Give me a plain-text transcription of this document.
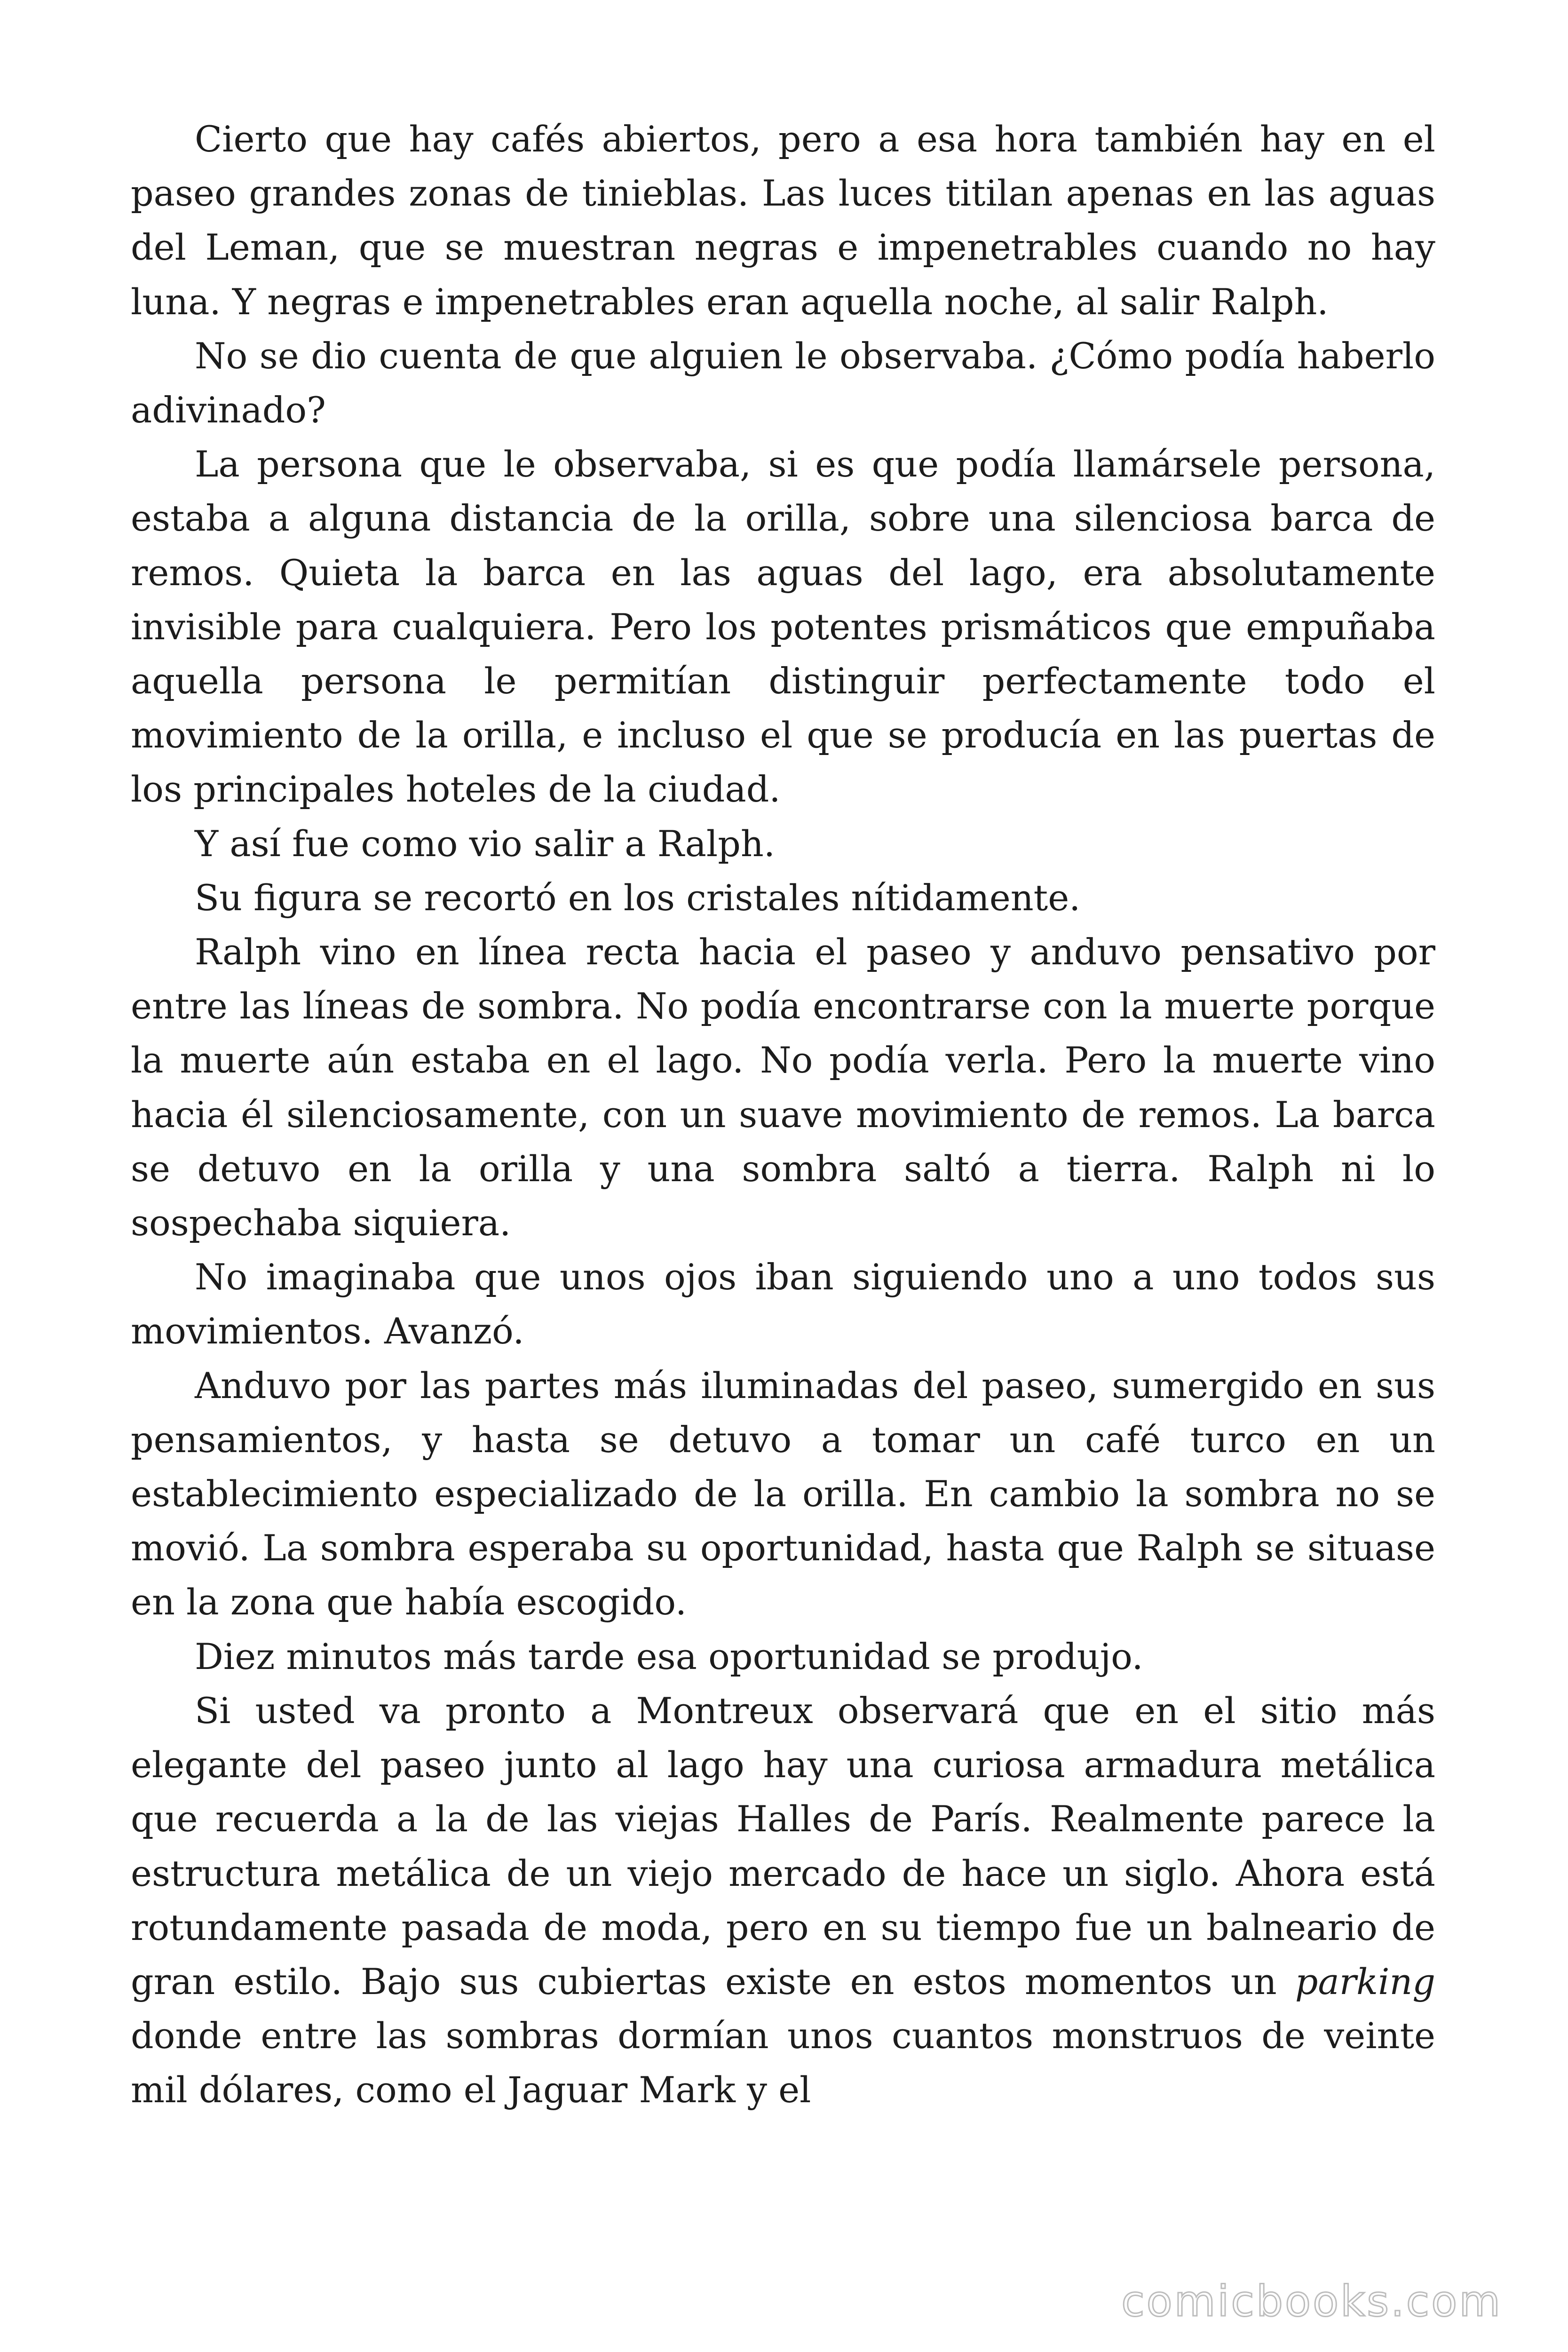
Cierto que hay cafés abiertos, pero a esa hora también hay en el paseo grandes zonas de tinieblas. Las luces titilan apenas en las aguas del Leman, que se muestran negras e impenetrables cuando no hay luna. Y negras e impenetrables eran aquella noche, al salir Ralph.

No se dio cuenta de que alguien le observaba. ¿Cómo podía haberlo adivinado?

La persona que le observaba, si es que podía llamársele persona, estaba a alguna distancia de la orilla, sobre una silenciosa barca de remos. Quieta la barca en las aguas del lago, era absolutamente invisible para cualquiera. Pero los potentes prismáticos que empuñaba aquella persona le permitían distinguir perfectamente todo el movimiento de la orilla, e incluso el que se producía en las puertas de los principales hoteles de la ciudad.

Y así fue como vio salir a Ralph.

Su figura se recortó en los cristales nítidamente.

Ralph vino en línea recta hacia el paseo y anduvo pensativo por entre las líneas de sombra. No podía encontrarse con la muerte porque la muerte aún estaba en el lago. No podía verla. Pero la muerte vino hacia él silenciosamente, con un suave movimiento de remos. La barca se detuvo en la orilla y una sombra saltó a tierra. Ralph ni lo sospechaba siquiera.

No imaginaba que unos ojos iban siguiendo uno a uno todos sus movimientos. Avanzó.

Anduvo por las partes más iluminadas del paseo, sumergido en sus pensamientos, y hasta se detuvo a tomar un café turco en un establecimiento especializado de la orilla. En cambio la sombra no se movió. La sombra esperaba su oportunidad, hasta que Ralph se situase en la zona que había escogido.

Diez minutos más tarde esa oportunidad se produjo.

Si usted va pronto a Montreux observará que en el sitio más elegante del paseo junto al lago hay una curiosa armadura metálica que recuerda a la de las viejas Halles de París. Realmente parece la estructura metálica de un viejo mercado de hace un siglo. Ahora está rotundamente pasada de moda, pero en su tiempo fue un balneario de gran estilo. Bajo sus cubiertas existe en estos momentos un parking donde entre las sombras dormían unos cuantos monstruos de veinte mil dólares, como el Jaguar Mark y el

comicbooks.com
